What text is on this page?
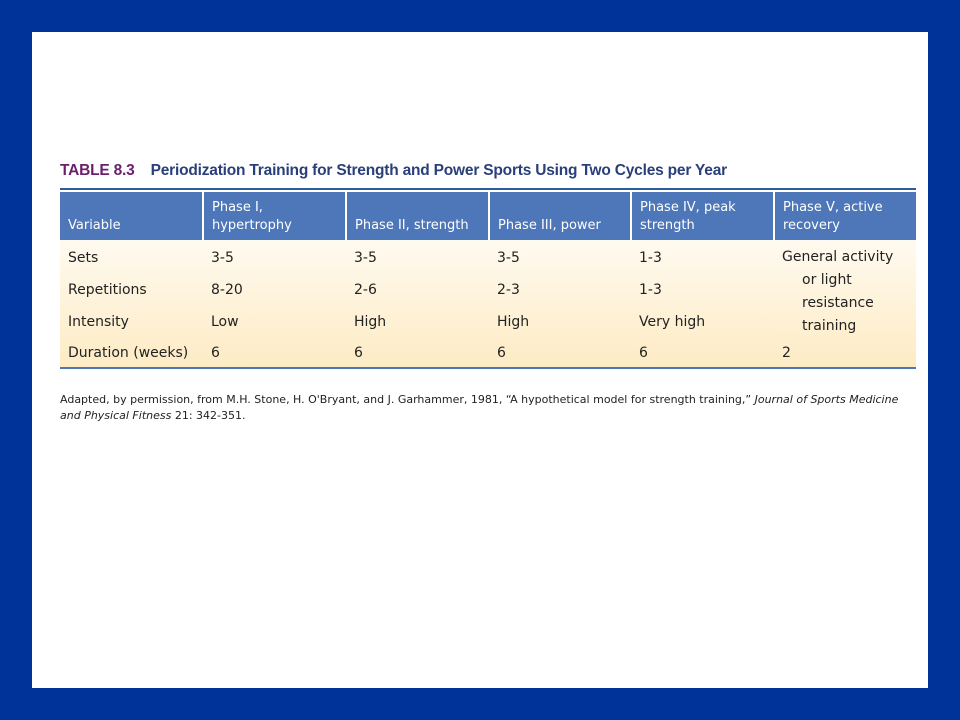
TABLE 8.3 Periodization Training for Strength and Power Sports Using Two Cycles per Year
Variable	Phase I, hypertrophy	Phase II, strength	Phase III, power	Phase IV, peak strength	Phase V, active recovery
Sets	3-5	3-5	3-5	1-3	General activity or light resistance training

Repetitions	8-20	2-6	2-3	1-3	
Intensity	Low	High	High	Very high	
Duration (weeks)	6	6	6	6	2
Adapted, by permission, from M.H. Stone, H. O'Bryant, and J. Garhammer, 1981, “A hypothetical model for strength training,” Journal of Sports Medicine and Physical Fitness 21: 342-351.
